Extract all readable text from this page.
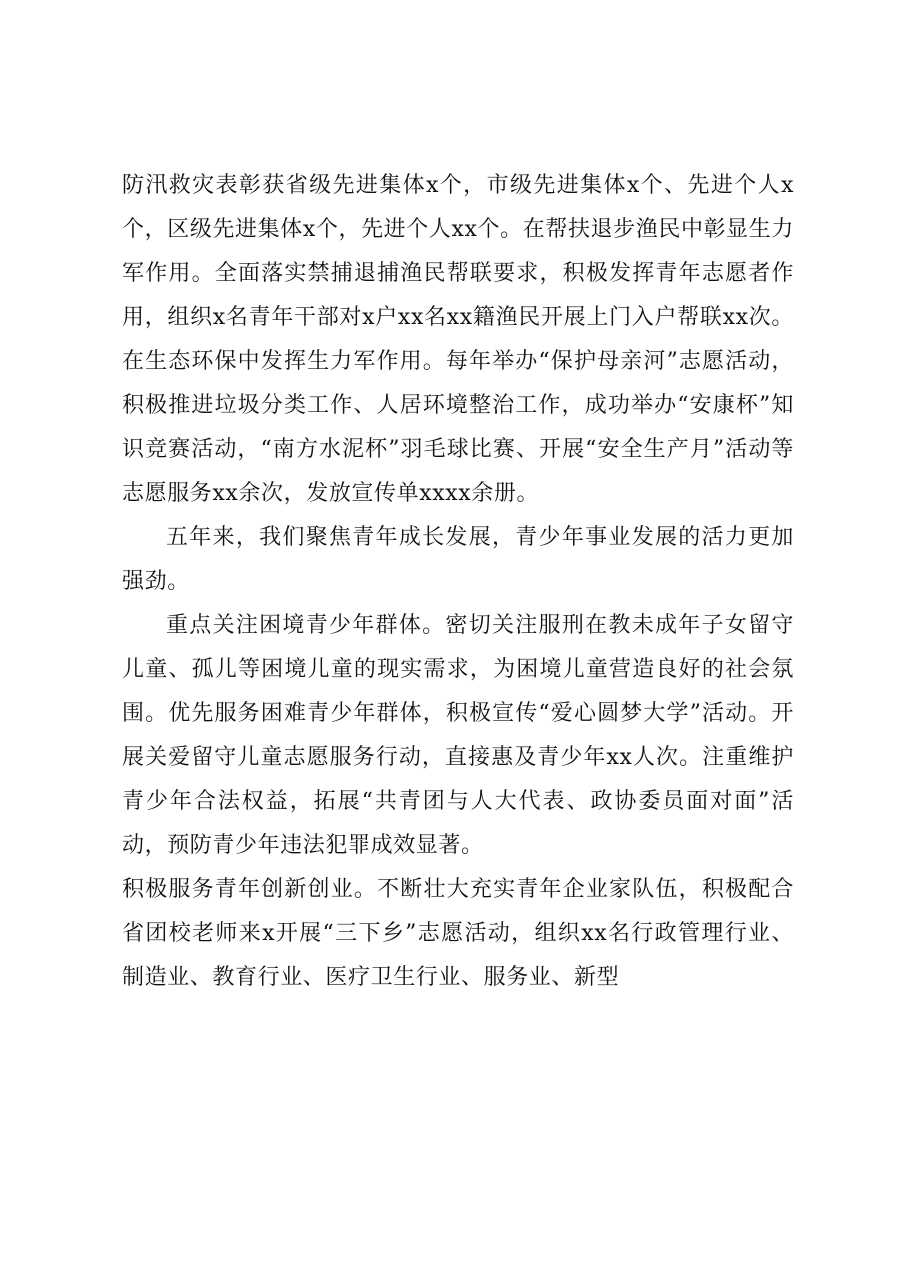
防汛救灾表彰获省级先进集体x个，市级先进集体x个、先进个人x个，区级先进集体x个，先进个人xx个。在帮扶退步渔民中彰显生力军作用。全面落实禁捕退捕渔民帮联要求，积极发挥青年志愿者作用，组织x名青年干部对x户xx名xx籍渔民开展上门入户帮联xx次。在生态环保中发挥生力军作用。每年举办“保护母亲河”志愿活动，积极推进垃圾分类工作、人居环境整治工作，成功举办“安康杯”知识竞赛活动，“南方水泥杯”羽毛球比赛、开展“安全生产月”活动等志愿服务xx余次，发放宣传单xxxx余册。

五年来，我们聚焦青年成长发展，青少年事业发展的活力更加强劲。

重点关注困境青少年群体。密切关注服刑在教未成年子女留守儿童、孤儿等困境儿童的现实需求，为困境儿童营造良好的社会氛围。优先服务困难青少年群体，积极宣传“爱心圆梦大学”活动。开展关爱留守儿童志愿服务行动，直接惠及青少年xx人次。注重维护青少年合法权益，拓展“共青团与人大代表、政协委员面对面”活动，预防青少年违法犯罪成效显著。

积极服务青年创新创业。不断壮大充实青年企业家队伍，积极配合省团校老师来x开展“三下乡”志愿活动，组织xx名行政管理行业、制造业、教育行业、医疗卫生行业、服务业、新型
